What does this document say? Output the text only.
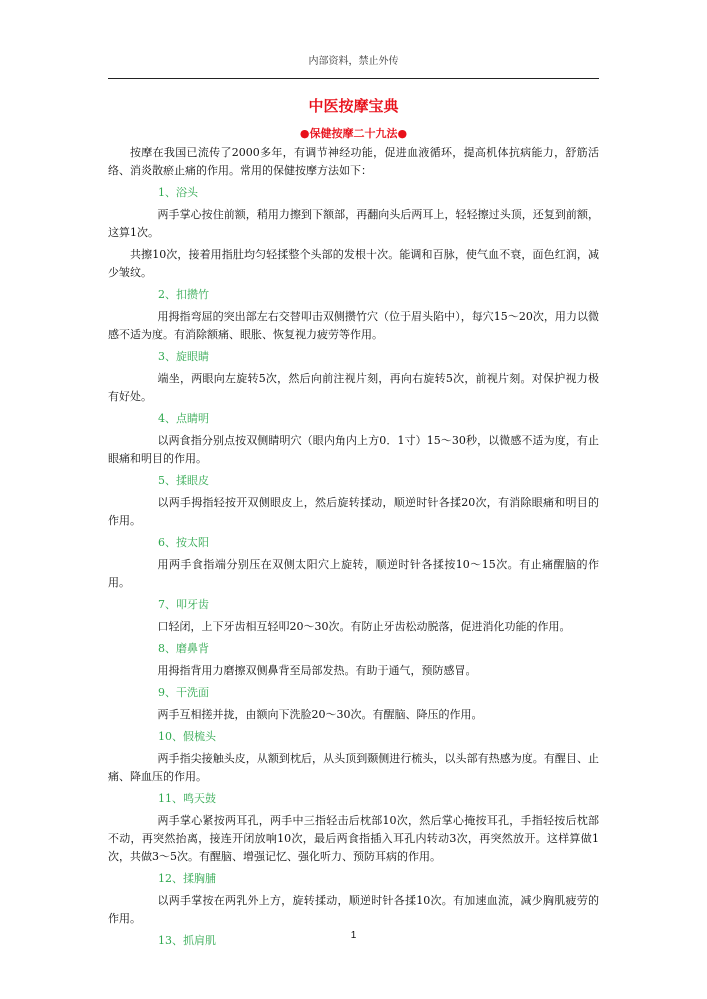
内部资料，禁止外传
中医按摩宝典
●保健按摩二十九法●

按摩在我国已流传了2000多年，有调节神经功能，促进血液循环，提高机体抗病能力，舒筋活络、消炎散瘀止痛的作用。常用的保健按摩方法如下：

1、浴头

两手掌心按住前额，稍用力擦到下额部，再翻向头后两耳上，轻轻擦过头顶，还复到前额，这算1次。

共擦10次，接着用指肚均匀轻揉整个头部的发根十次。能调和百脉，使气血不衰，面色红润，减少皱纹。

2、扣攒竹

用拇指弯屈的突出部左右交替叩击双侧攒竹穴（位于眉头陷中），每穴15～20次，用力以微感不适为度。有消除额痛、眼胀、恢复视力疲劳等作用。

3、旋眼睛

端坐，两眼向左旋转5次，然后向前注视片刻，再向右旋转5次，前视片刻。对保护视力极有好处。

4、点睛明

以两食指分别点按双侧睛明穴（眼内角内上方0．1寸）15～30秒，以微感不适为度，有止眼痛和明目的作用。

5、揉眼皮

以两手拇指轻按开双侧眼皮上，然后旋转揉动，顺逆时针各揉20次，有消除眼痛和明目的作用。

6、按太阳

用两手食指端分别压在双侧太阳穴上旋转，顺逆时针各揉按10～15次。有止痛醒脑的作用。

7、叩牙齿

口轻闭，上下牙齿相互轻叩20～30次。有防止牙齿松动脱落，促进消化功能的作用。

8、磨鼻背

用拇指背用力磨擦双侧鼻背至局部发热。有助于通气，预防感冒。

9、干洗面

两手互相搓并拢，由额向下洗脸20～30次。有醒脑、降压的作用。

10、假梳头

两手指尖接触头皮，从额到枕后，从头顶到颞侧进行梳头，以头部有热感为度。有醒目、止痛、降血压的作用。

11、鸣天鼓

两手掌心紧按两耳孔，两手中三指轻击后枕部10次，然后掌心掩按耳孔，手指轻按后枕部不动，再突然抬离，接连开闭放响10次，最后两食指插入耳孔内转动3次，再突然放开。这样算做1次，共做3～5次。有醒脑、增强记忆、强化听力、预防耳病的作用。

12、揉胸脯

以两手掌按在两乳外上方，旋转揉动，顺逆时针各揉10次。有加速血流，减少胸肌疲劳的作用。

13、抓肩肌	1
